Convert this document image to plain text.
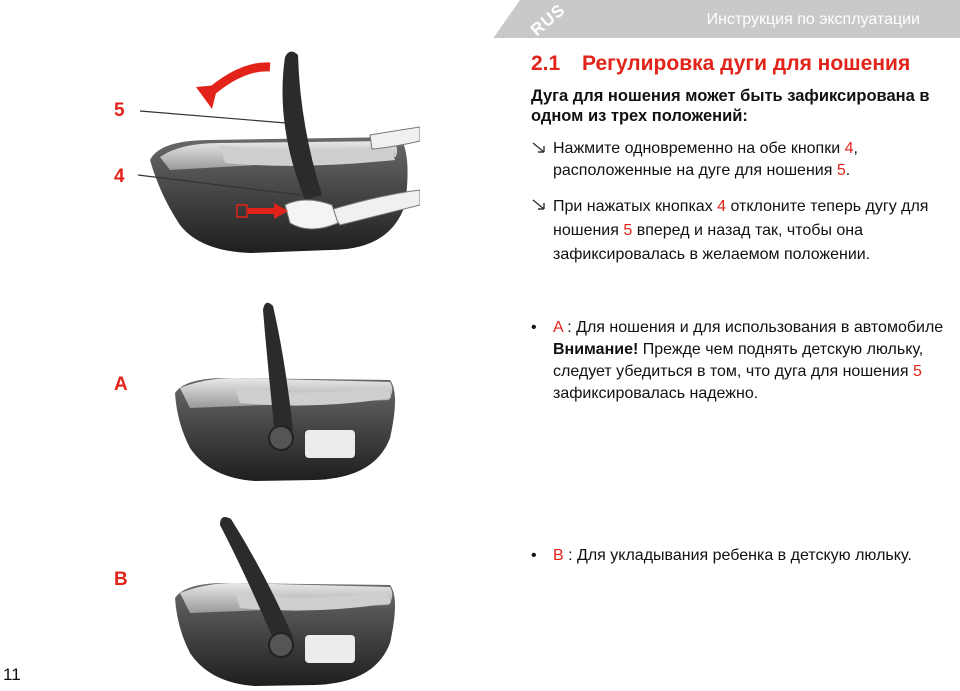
RUS	Инструкция по эксплуатации
2.1 Регулировка дуги для ношения
Дуга для ношения может быть зафиксирована в одном из трех положений:
Нажмите одновременно на обе кнопки 4, расположенные на дуге для ношения 5.
При нажатых кнопках 4 отклоните теперь дугу для ношения 5 вперед и назад так, чтобы она зафиксировалась в желаемом положении.
• A : Для ношения и для использования в автомобиле
Внимание! Прежде чем поднять детскую люльку, следует убедиться в том, что дуга для ношения 5 зафиксировалась надежно.
• B : Для укладывания ребенка в детскую люльку.
5
4
A
B
11
